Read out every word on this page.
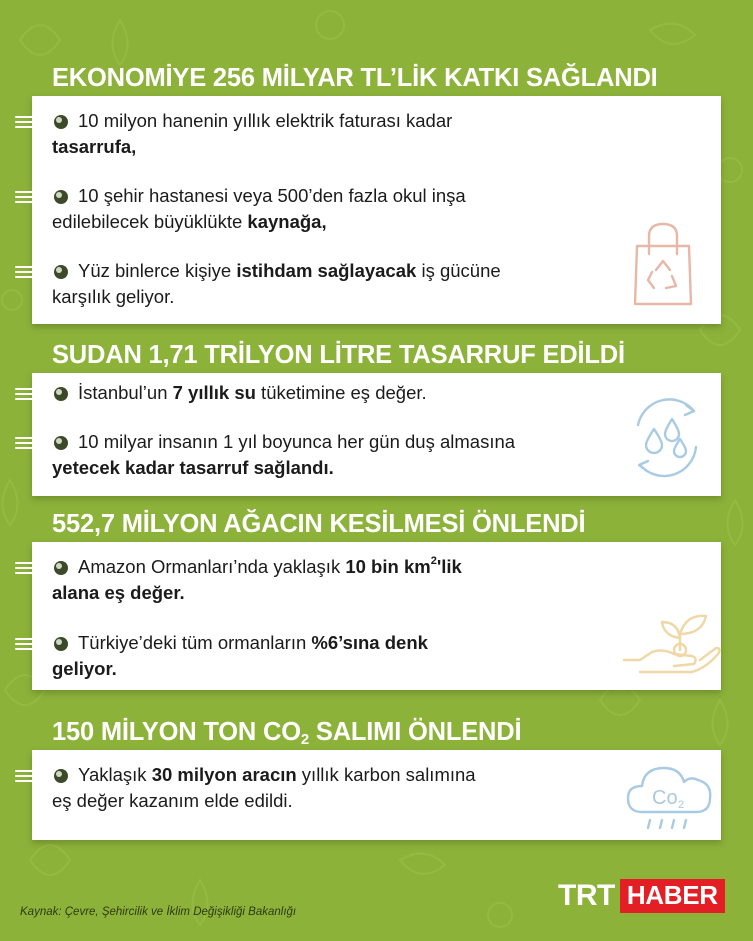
EKONOMİYE 256 MİLYAR TL’LİK KATKI SAĞLANDI
10 milyon hanenin yıllık elektrik faturası kadar
tasarrufa,
10 şehir hastanesi veya 500’den fazla okul inşa
edilebilecek büyüklükte kaynağa,
Yüz binlerce kişiye istihdam sağlayacak iş gücüne
karşılık geliyor.
SUDAN 1,71 TRİLYON LİTRE TASARRUF EDİLDİ
İstanbul’un 7 yıllık su tüketimine eş değer.
10 milyar insanın 1 yıl boyunca her gün duş almasına
yetecek kadar tasarruf sağlandı.
552,7 MİLYON AĞACIN KESİLMESİ ÖNLENDİ
Amazon Ormanları’nda yaklaşık 10 bin $km^2'lik$
alana eş değer.
Türkiye’deki tüm ormanların %6’sına denk
geliyor.
150 MİLYON TON $CO_2$ SALIMI ÖNLENDİ
Co 2
Yaklaşık 30 milyon aracın yıllık karbon salımına
eş değer kazanım elde edildi.
Kaynak: Çevre, Şehircilik ve İklim Değişikliği Bakanlığı	TRT HABER
